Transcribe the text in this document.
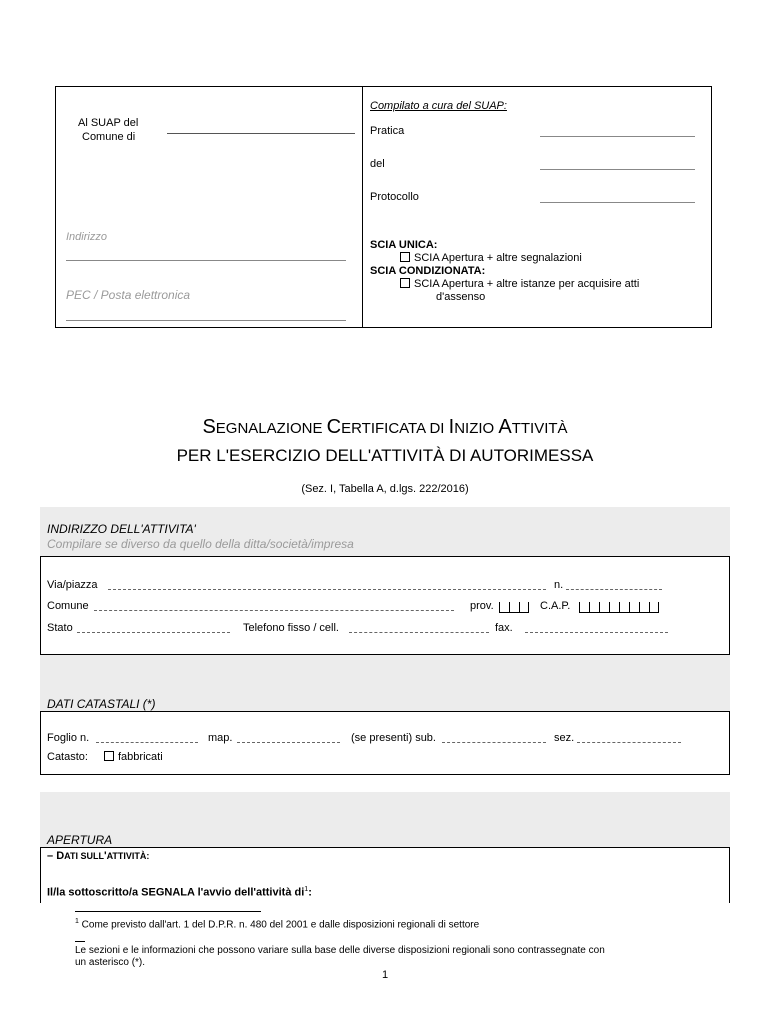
Al SUAP del
Comune di
Indirizzo
PEC / Posta elettronica
Compilato a cura del SUAP:
Pratica
del
Protocollo
SCIA UNICA:
SCIA Apertura + altre segnalazioni
SCIA CONDIZIONATA:
SCIA Apertura + altre istanze per acquisire atti
d'assenso
SEGNALAZIONE CERTIFICATA DI INIZIO ATTIVITÀ
PER L'ESERCIZIO DELL'ATTIVITÀ DI AUTORIMESSA
(Sez. I, Tabella A, d.lgs. 222/2016)
INDIRIZZO DELL'ATTIVITA'
Compilare se diverso da quello della ditta/società/impresa
Via/piazza	n.
Comune	prov.	C.A.P.
Stato	Telefono fisso / cell.	fax.
DATI CATASTALI (*)
Foglio n.	map.	(se presenti) sub.	sez.
Catasto:	fabbricati
APERTURA
– DATI SULL'ATTIVITÀ:
Il/la sottoscritto/a SEGNALA l'avvio dell'attività $di^1$:
$^1$ Come previsto dall'art. 1 del D.P.R. n. 480 del 2001 e dalle disposizioni regionali di settore
Le sezioni e le informazioni che possono variare sulla base delle diverse disposizioni regionali sono contrassegnate con
un asterisco (*).
1
